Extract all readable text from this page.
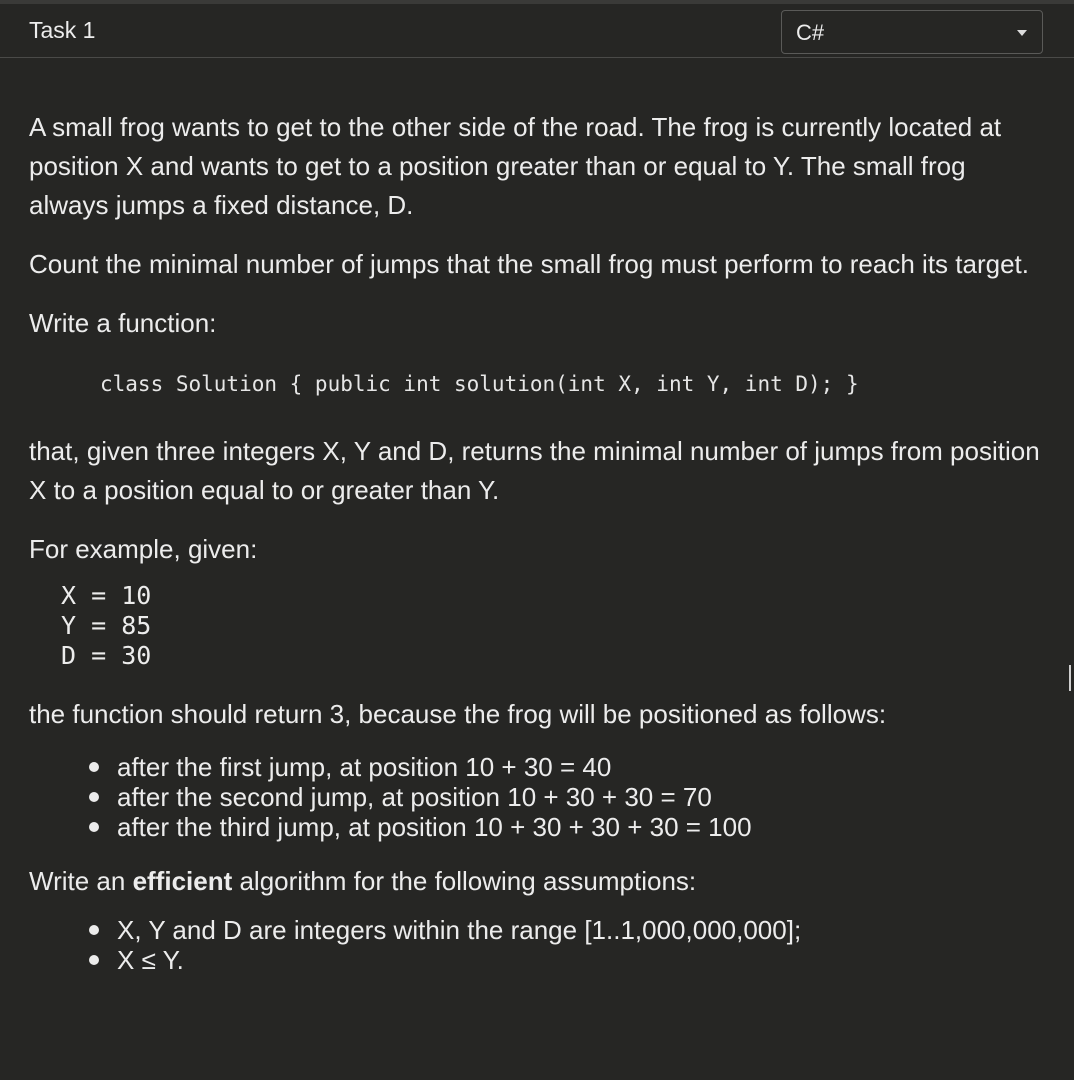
Task 1	C#

A small frog wants to get to the other side of the road. The frog is currently located at position X and wants to get to a position greater than or equal to Y. The small frog always jumps a fixed distance, D.

Count the minimal number of jumps that the small frog must perform to reach its target.

Write a function:

class Solution { public int solution(int X, int Y, int D); }

that, given three integers X, Y and D, returns the minimal number of jumps from position X to a position equal to or greater than Y.

For example, given:

X = 10
Y = 85
D = 30

the function should return 3, because the frog will be positioned as follows:

after the first jump, at position 10 + 30 = 40
after the second jump, at position 10 + 30 + 30 = 70
after the third jump, at position 10 + 30 + 30 + 30 = 100

Write an efficient algorithm for the following assumptions:

X, Y and D are integers within the range [1..1,000,000,000];
X ≤ Y.
